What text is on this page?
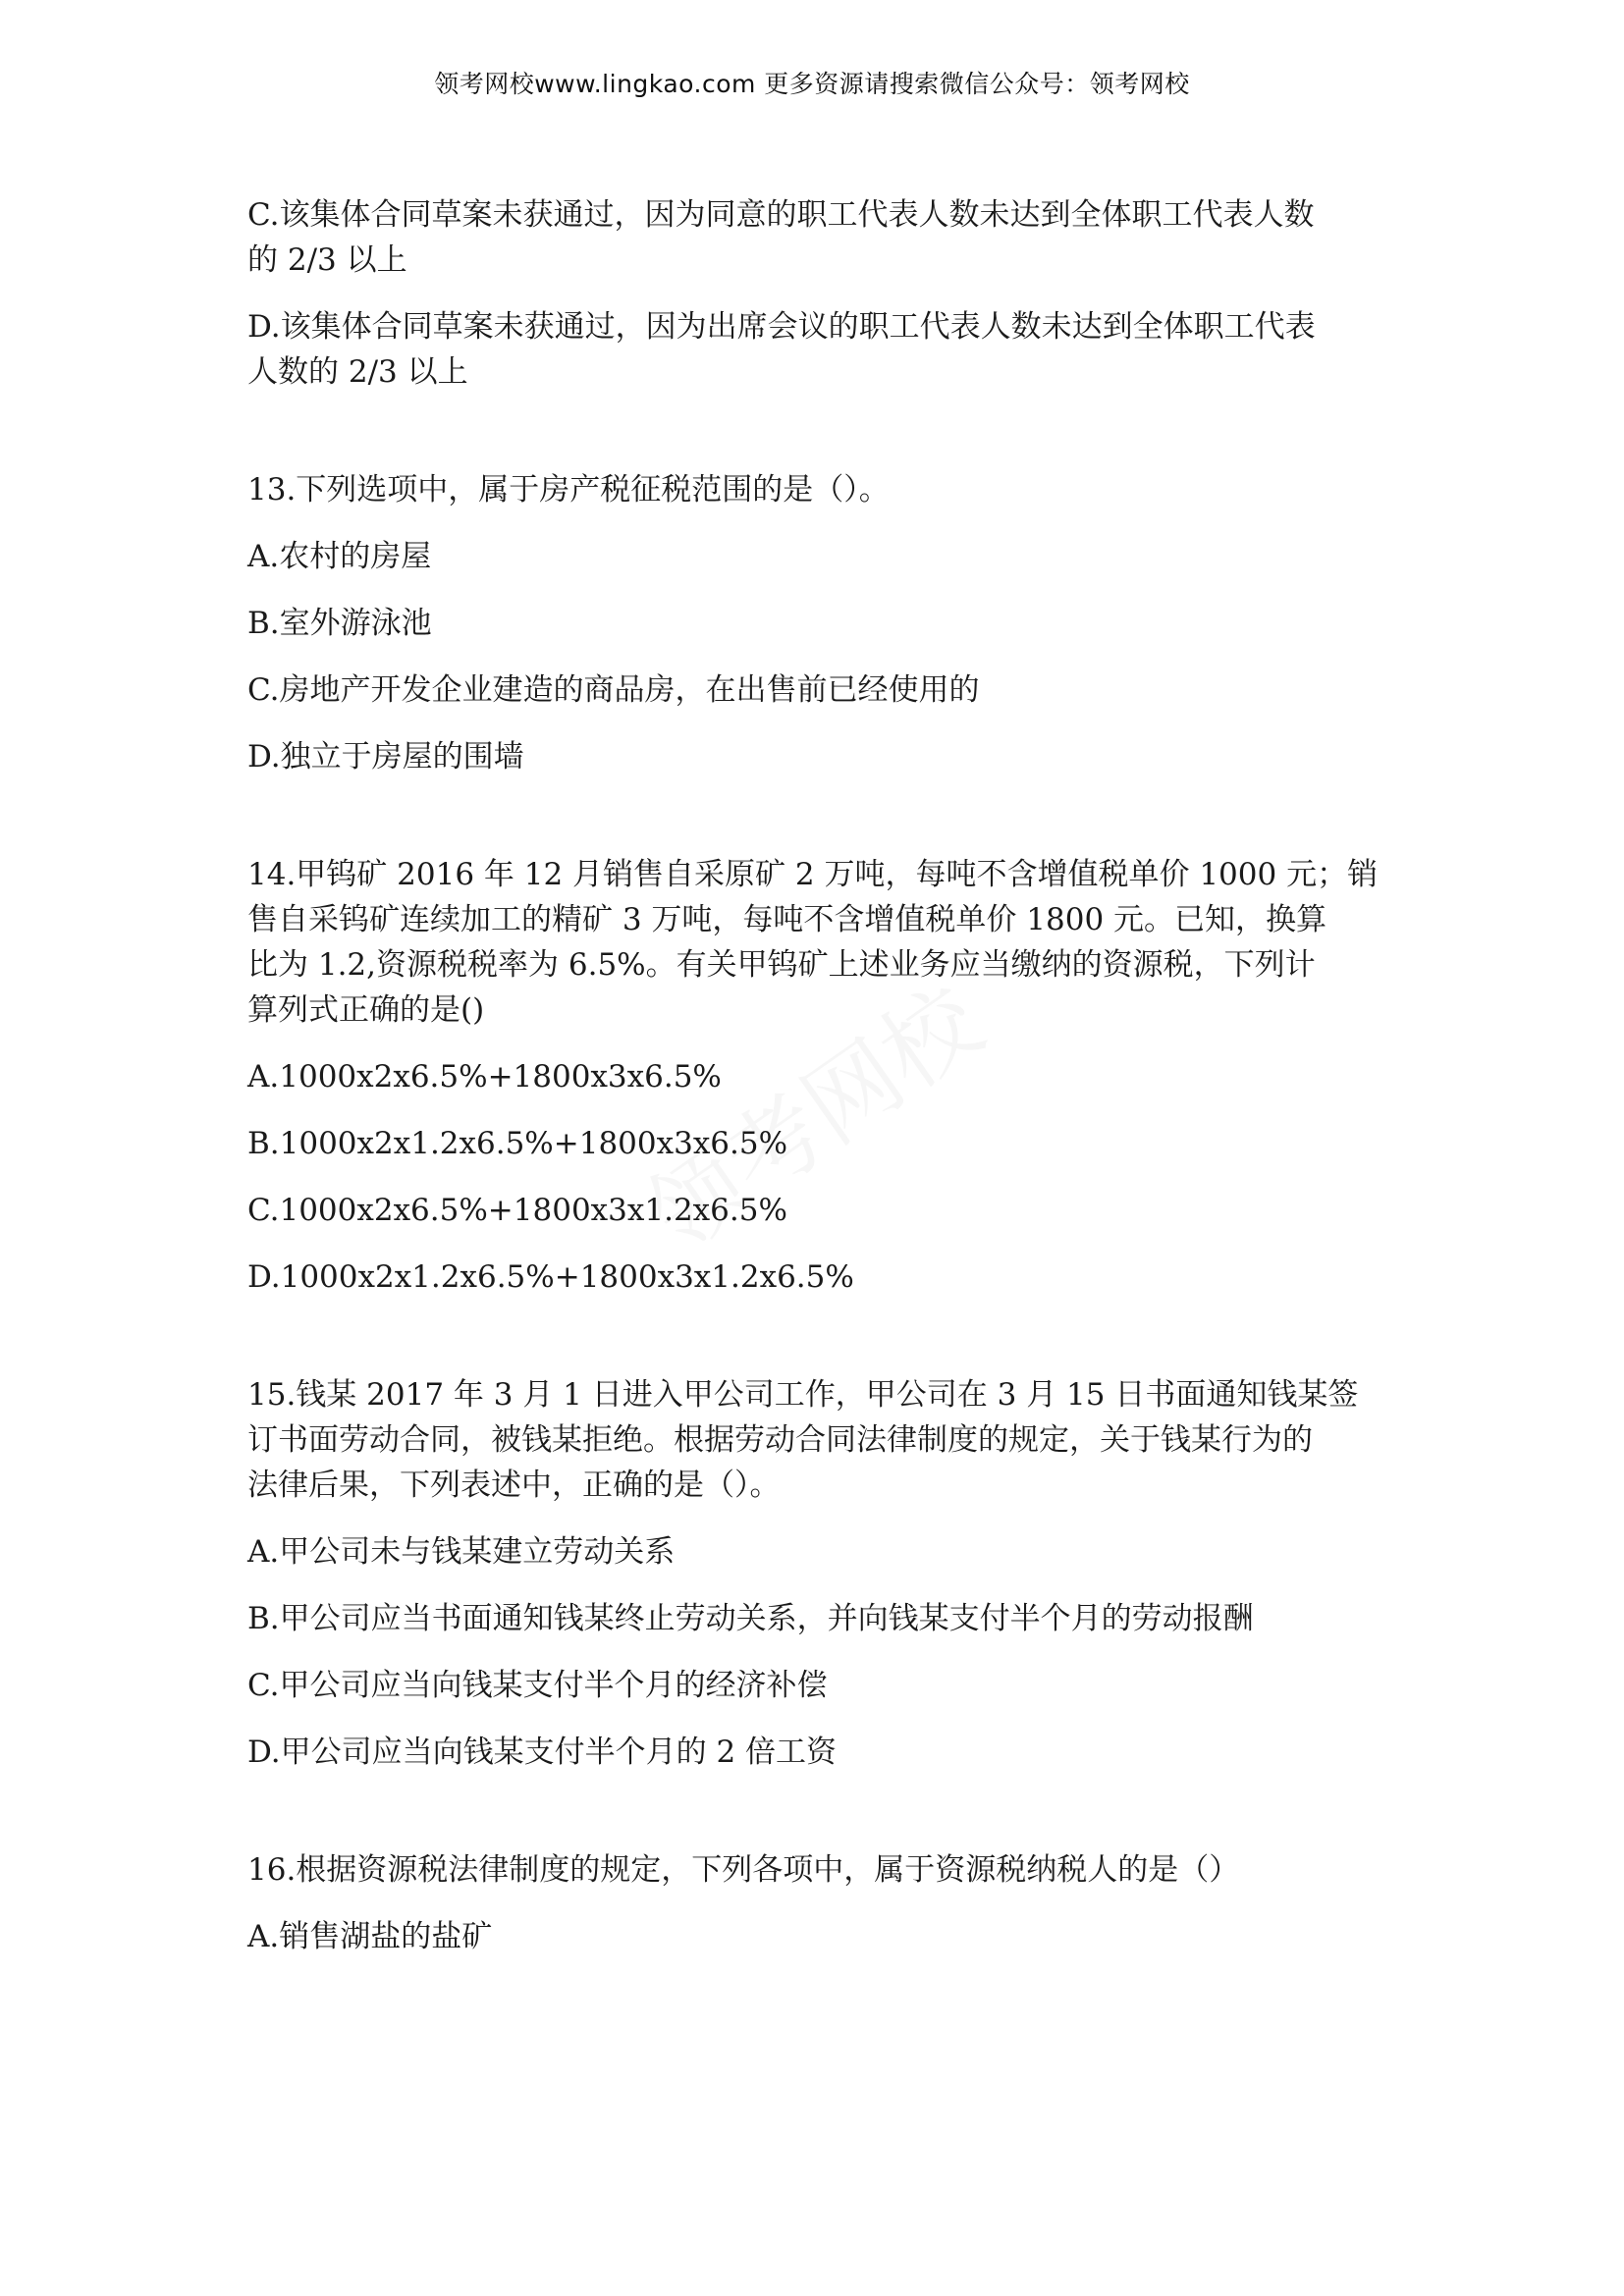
领考网校www.lingkao.com 更多资源请搜索微信公众号：领考网校
C.该集体合同草案未获通过，因为同意的职工代表人数未达到全体职工代表人数
的 2/3 以上
D.该集体合同草案未获通过，因为出席会议的职工代表人数未达到全体职工代表
人数的 2/3 以上
13.下列选项中，属于房产税征税范围的是（）。
A.农村的房屋
B.室外游泳池
C.房地产开发企业建造的商品房，在出售前已经使用的
D.独立于房屋的围墙
14.甲钨矿 2016 年 12 月销售自采原矿 2 万吨，每吨不含增值税单价 1000 元；销
售自采钨矿连续加工的精矿 3 万吨，每吨不含增值税单价 1800 元。已知，换算
比为 1.2,资源税税率为 6.5%。有关甲钨矿上述业务应当缴纳的资源税，下列计
算列式正确的是()
A.1000x2x6.5%+1800x3x6.5%
B.1000x2x1.2x6.5%+1800x3x6.5%
C.1000x2x6.5%+1800x3x1.2x6.5%
D.1000x2x1.2x6.5%+1800x3x1.2x6.5%
15.钱某 2017 年 3 月 1 日进入甲公司工作，甲公司在 3 月 15 日书面通知钱某签
订书面劳动合同，被钱某拒绝。根据劳动合同法律制度的规定，关于钱某行为的
法律后果，下列表述中，正确的是（）。
A.甲公司未与钱某建立劳动关系
B.甲公司应当书面通知钱某终止劳动关系，并向钱某支付半个月的劳动报酬
C.甲公司应当向钱某支付半个月的经济补偿
D.甲公司应当向钱某支付半个月的 2 倍工资
16.根据资源税法律制度的规定，下列各项中，属于资源税纳税人的是（）
A.销售湖盐的盐矿
